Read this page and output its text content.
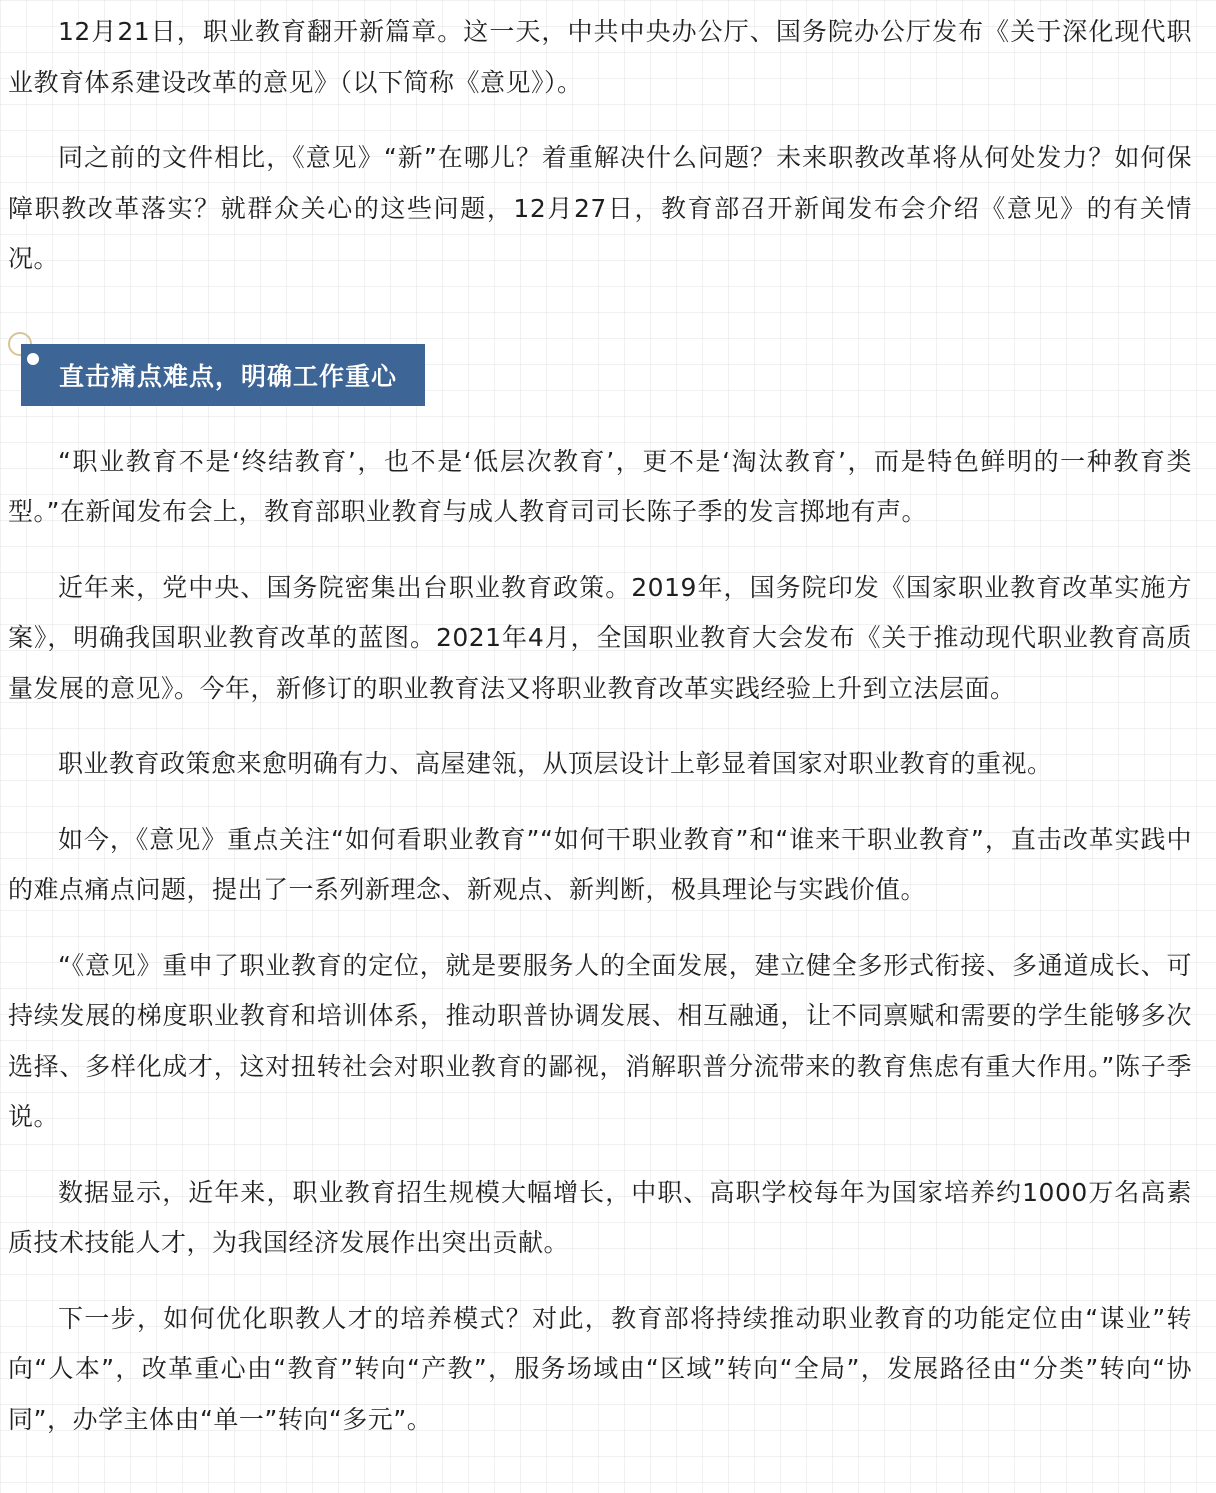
12月21日，职业教育翻开新篇章。这一天，中共中央办公厅、国务院办公厅发布《关于深化现代职业教育体系建设改革的意见》（以下简称《意见》）。

同之前的文件相比，《意见》“新”在哪儿？着重解决什么问题？未来职教改革将从何处发力？如何保障职教改革落实？就群众关心的这些问题，12月27日，教育部召开新闻发布会介绍《意见》的有关情况。

直击痛点难点，明确工作重心

“职业教育不是‘终结教育’，也不是‘低层次教育’，更不是‘淘汰教育’，而是特色鲜明的一种教育类型。”在新闻发布会上，教育部职业教育与成人教育司司长陈子季的发言掷地有声。

近年来，党中央、国务院密集出台职业教育政策。2019年，国务院印发《国家职业教育改革实施方案》，明确我国职业教育改革的蓝图。2021年4月，全国职业教育大会发布《关于推动现代职业教育高质量发展的意见》。今年，新修订的职业教育法又将职业教育改革实践经验上升到立法层面。

职业教育政策愈来愈明确有力、高屋建瓴，从顶层设计上彰显着国家对职业教育的重视。

如今，《意见》重点关注“如何看职业教育”“如何干职业教育”和“谁来干职业教育”，直击改革实践中的难点痛点问题，提出了一系列新理念、新观点、新判断，极具理论与实践价值。

“《意见》重申了职业教育的定位，就是要服务人的全面发展，建立健全多形式衔接、多通道成长、可持续发展的梯度职业教育和培训体系，推动职普协调发展、相互融通，让不同禀赋和需要的学生能够多次选择、多样化成才，这对扭转社会对职业教育的鄙视，消解职普分流带来的教育焦虑有重大作用。”陈子季说。

数据显示，近年来，职业教育招生规模大幅增长，中职、高职学校每年为国家培养约1000万名高素质技术技能人才，为我国经济发展作出突出贡献。

下一步，如何优化职教人才的培养模式？对此，教育部将持续推动职业教育的功能定位由“谋业”转向“人本”，改革重心由“教育”转向“产教”，服务场域由“区域”转向“全局”，发展路径由“分类”转向“协同”，办学主体由“单一”转向“多元”。
